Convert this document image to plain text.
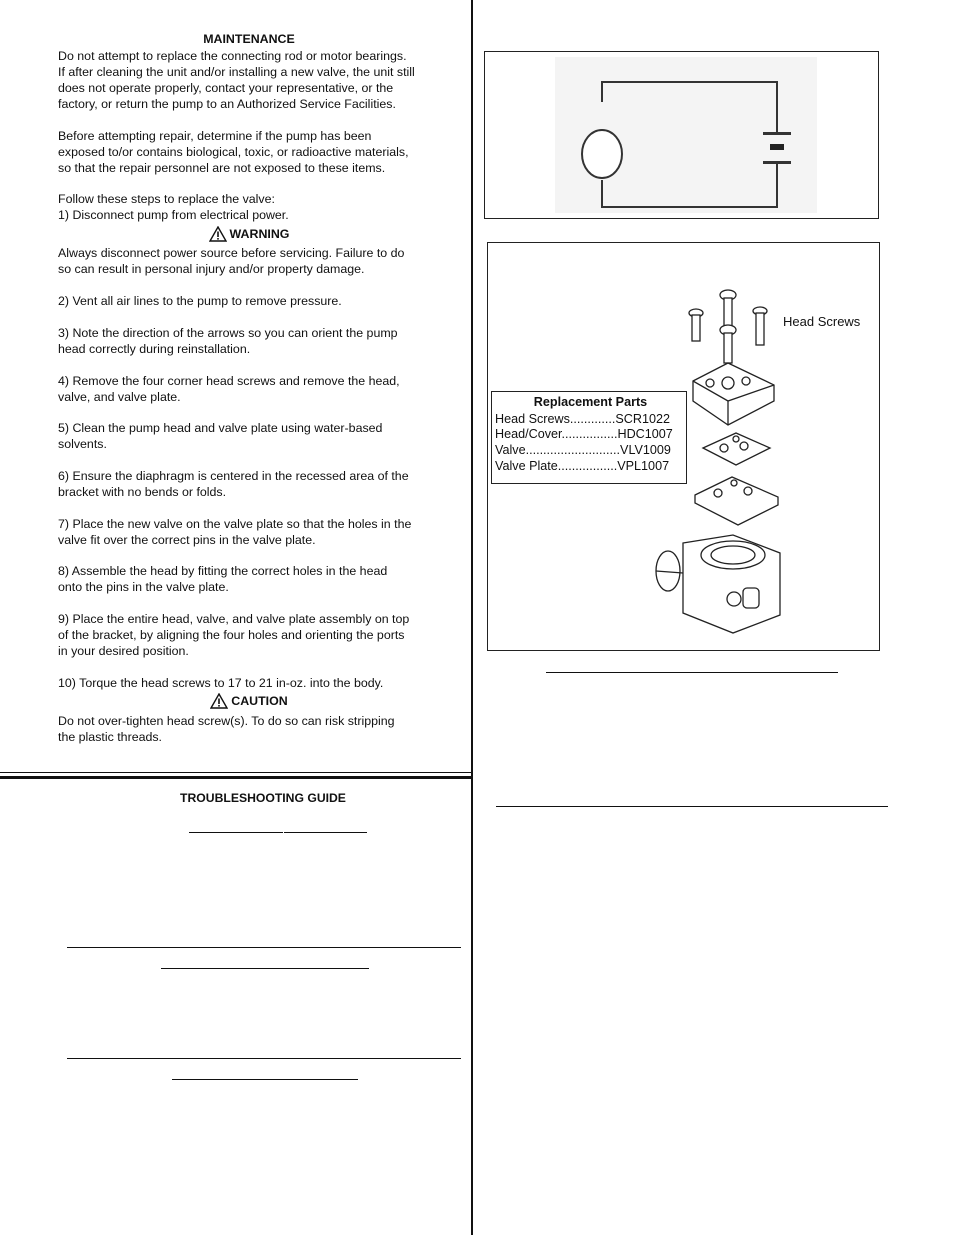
MAINTENANCE
Do not attempt to replace the connecting rod or motor bearings.
If after cleaning the unit and/or installing a new valve, the unit still
does not operate properly, contact your representative, or the
factory, or return the pump to an Authorized Service Facilities.
Before attempting repair, determine if the pump has been
exposed to/or contains biological, toxic, or radioactive materials,
so that the repair personnel are not exposed to these items.
Follow these steps to replace the valve:
1) Disconnect pump from electrical power.
WARNING
Always disconnect power source before servicing. Failure to do
so can result in personal injury and/or property damage.
2) Vent all air lines to the pump to remove pressure.
3) Note the direction of the arrows so you can orient the pump
head correctly during reinstallation.
4) Remove the four corner head screws and remove the head,
valve, and valve plate.
5) Clean the pump head and valve plate using water-based
solvents.
6) Ensure the diaphragm is centered in the recessed area of the
bracket with no bends or folds.
7) Place the new valve on the valve plate so that the holes in the
valve fit over the correct pins in the valve plate.
8) Assemble the head by fitting the correct holes in the head
onto the pins in the valve plate.
9) Place the entire head, valve, and valve plate assembly on top
of the bracket, by aligning the four holes and orienting the ports
in your desired position.
10) Torque the head screws to 17 to 21 in-oz. into the body.
CAUTION
Do not over-tighten head screw(s). To do so can risk stripping
the plastic threads.
TROUBLESHOOTING GUIDE
Head Screws
Replacement Parts
Head Screws.............SCR1022
Head/Cover................HDC1007
Valve...........................VLV1009
Valve Plate.................VPL1007
